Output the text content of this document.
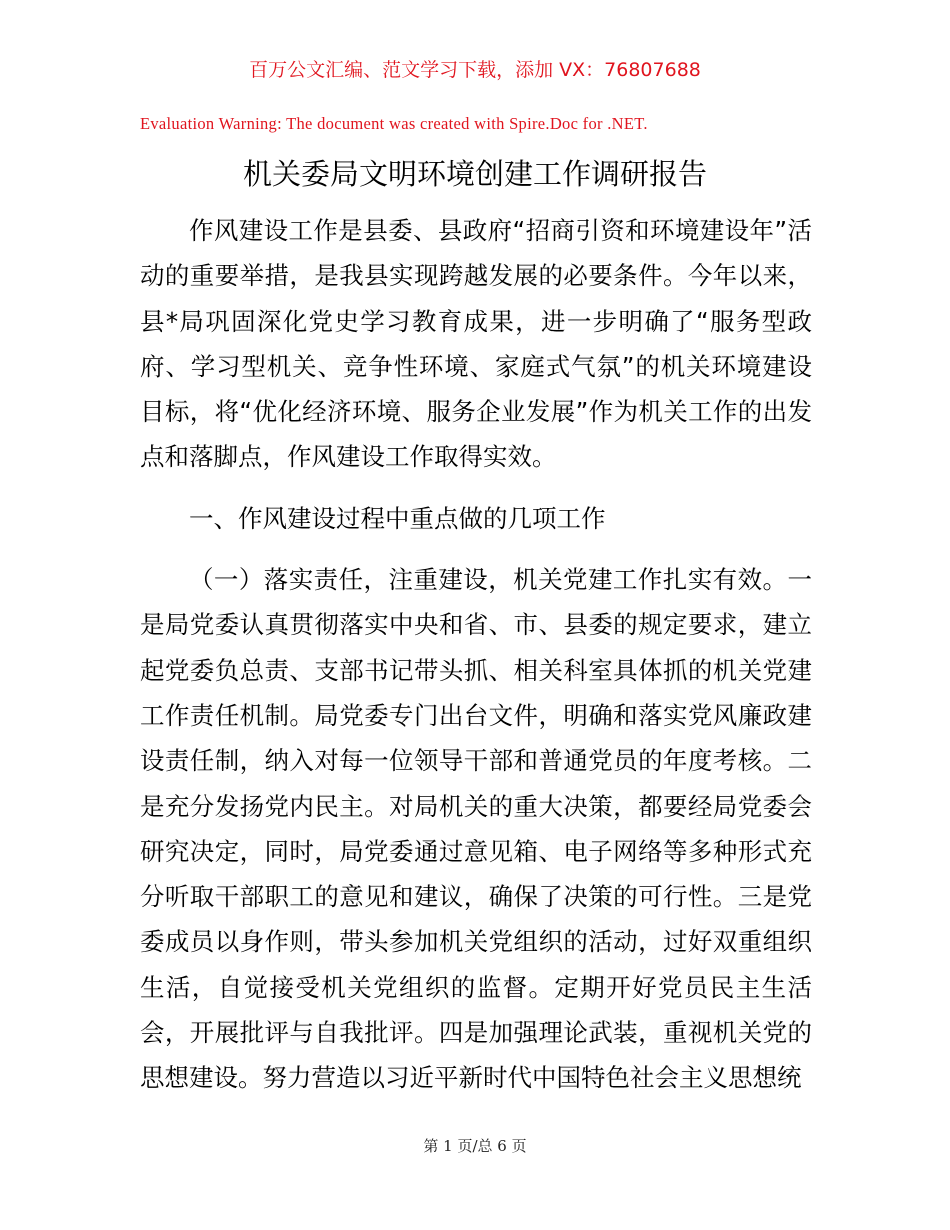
百万公文汇编、范文学习下载，添加 VX：76807688
Evaluation Warning: The document was created with Spire.Doc for .NET.
机关委局文明环境创建工作调研报告

作风建设工作是县委、县政府“招商引资和环境建设年”活动的重要举措，是我县实现跨越发展的必要条件。今年以来，县*局巩固深化党史学习教育成果，进一步明确了“服务型政府、学习型机关、竞争性环境、家庭式气氛”的机关环境建设目标，将“优化经济环境、服务企业发展”作为机关工作的出发点和落脚点，作风建设工作取得实效。

一、作风建设过程中重点做的几项工作

（一）落实责任，注重建设，机关党建工作扎实有效。一是局党委认真贯彻落实中央和省、市、县委的规定要求，建立起党委负总责、支部书记带头抓、相关科室具体抓的机关党建工作责任机制。局党委专门出台文件，明确和落实党风廉政建设责任制，纳入对每一位领导干部和普通党员的年度考核。二是充分发扬党内民主。对局机关的重大决策，都要经局党委会研究决定，同时，局党委通过意见箱、电子网络等多种形式充分听取干部职工的意见和建议，确保了决策的可行性。三是党委成员以身作则，带头参加机关党组织的活动，过好双重组织生活，自觉接受机关党组织的监督。定期开好党员民主生活会，开展批评与自我批评。四是加强理论武装，重视机关党的思想建设。努力营造以习近平新时代中国特色社会主义思想统

第 1 页/总 6 页
